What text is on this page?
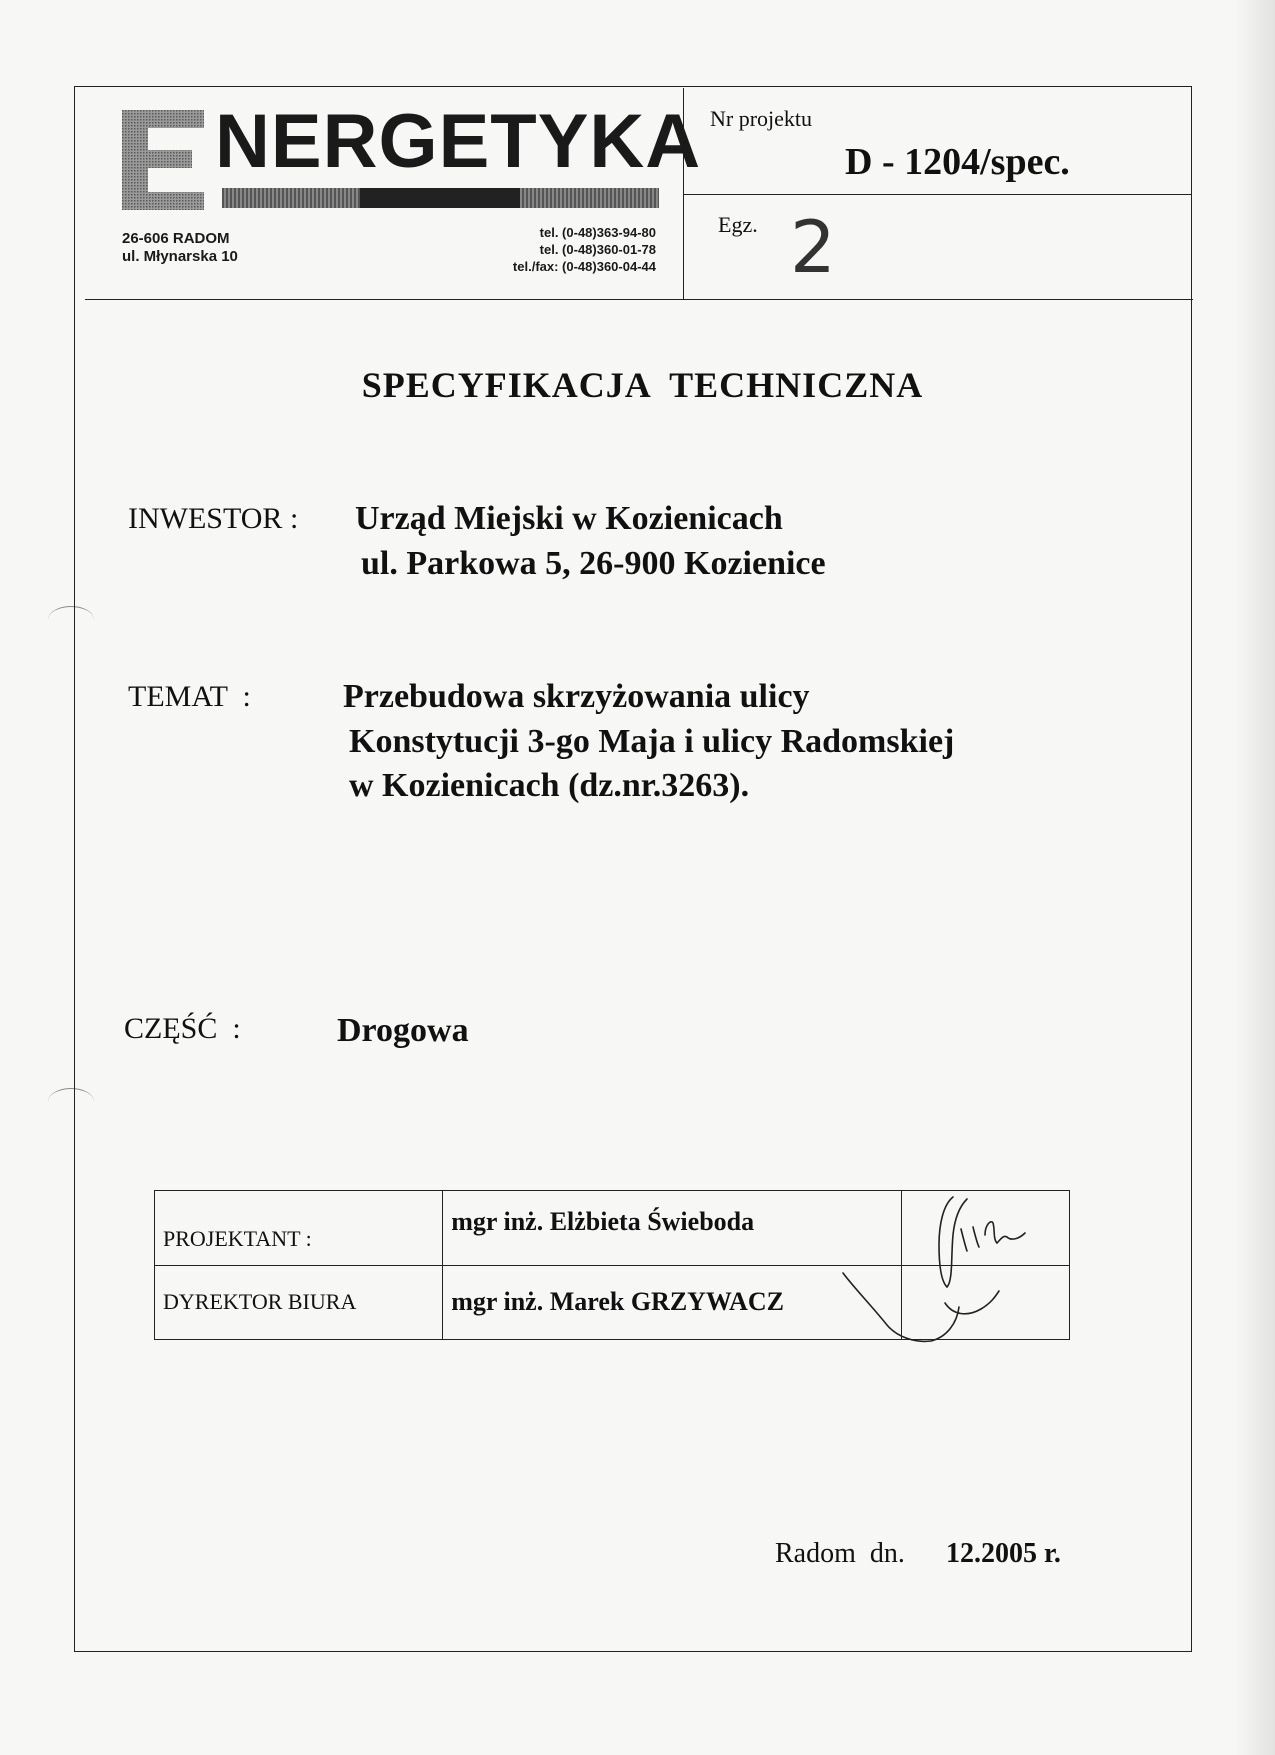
NERGETYKA
26-606 RADOM
ul. Młynarska 10
tel. (0-48)363-94-80
tel. (0-48)360-01-78
tel./fax: (0-48)360-04-44
Nr projektu
D - 1204/spec.
Egz. 2
SPECYFIKACJA  TECHNICZNA
INWESTOR : Urząd Miejski w Kozienicach
ul. Parkowa 5, 26-900 Kozienice
TEMAT  :	Przebudowa skrzyżowania ulicy
Konstytucji 3-go Maja i ulicy Radomskiej
w Kozienicach (dz.nr.3263).
CZĘŚĆ  :	Drogowa
PROJEKTANT :	mgr inż. Elżbieta Świeboda	
DYREKTOR BIURA	mgr inż. Marek GRZYWACZ	
Radom  dn. 12.2005 r.
